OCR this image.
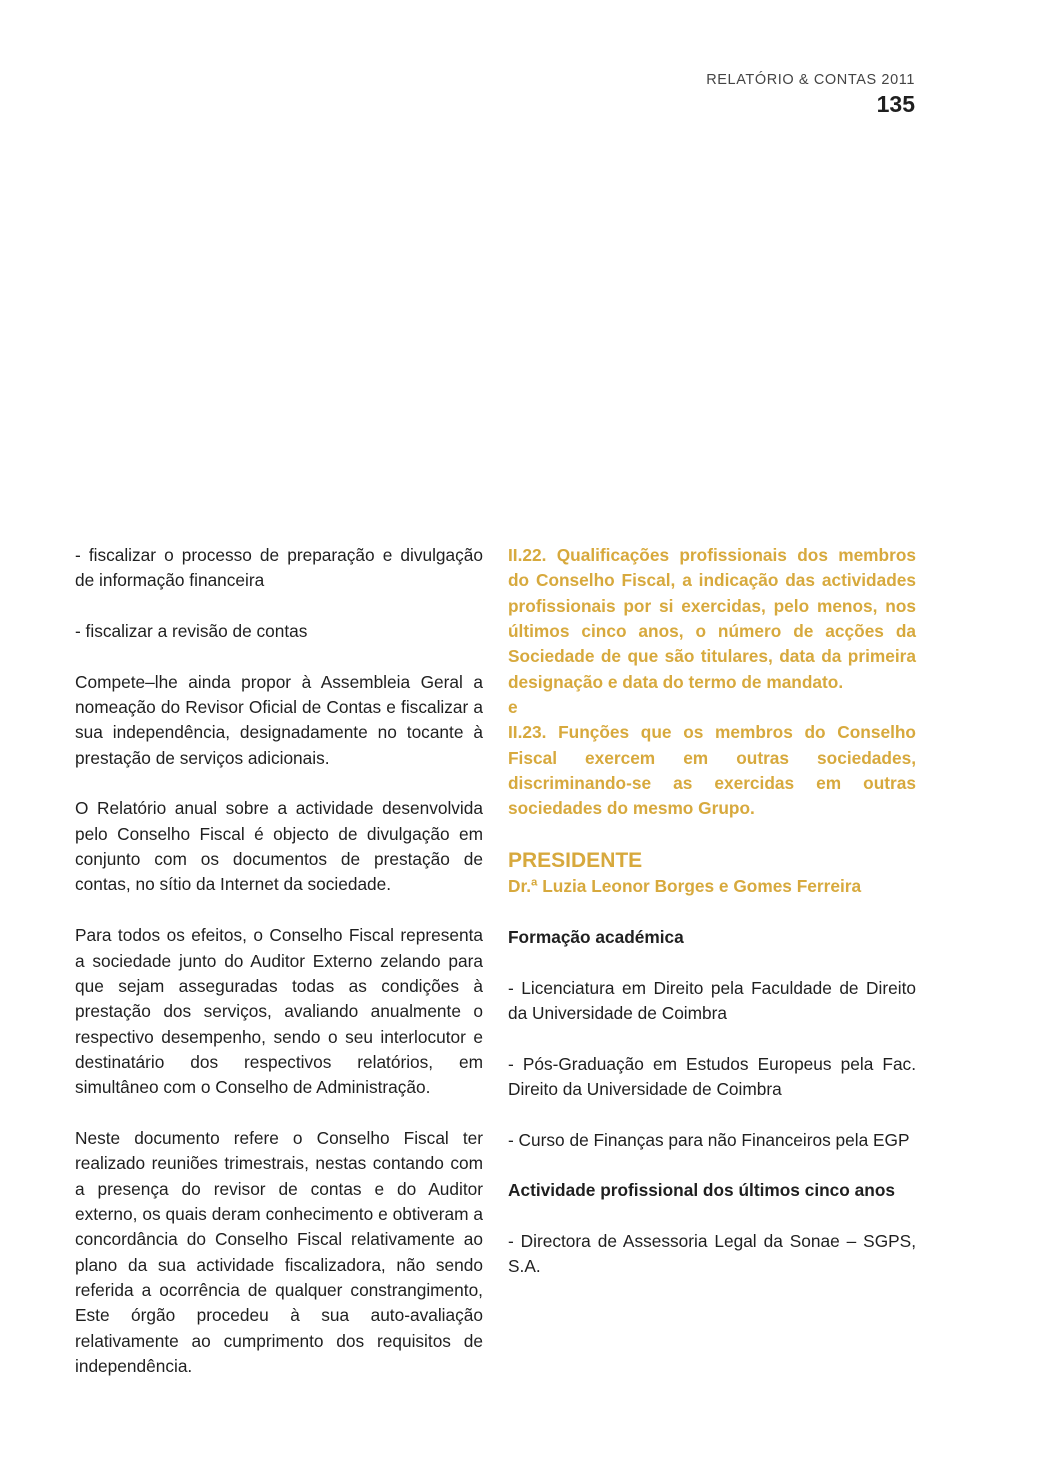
RELATÓRIO & CONTAS 2011
135

- fiscalizar o processo de preparação e divulgação de informação financeira

- fiscalizar a revisão de contas

Compete–lhe ainda propor à Assembleia Geral a nomeação do Revisor Oficial de Contas e fiscalizar a sua independência, designadamente no tocante à prestação de serviços adicionais.

O Relatório anual sobre a actividade desenvolvida pelo Conselho Fiscal é objecto de divulgação em conjunto com os documentos de prestação de contas, no sítio da Internet da sociedade.

Para todos os efeitos, o Conselho Fiscal representa a sociedade junto do Auditor Externo zelando para que sejam asseguradas todas as condições à prestação dos serviços, avaliando anualmente o respectivo desempenho, sendo o seu interlocutor e destinatário dos respectivos relatórios, em simultâneo com o Conselho de Administração.

Neste documento refere o Conselho Fiscal ter realizado reuniões trimestrais, nestas contando com a presença do revisor de contas e do Auditor externo, os quais deram conhecimento e obtiveram a concordância do Conselho Fiscal relativamente ao plano da sua actividade fiscalizadora, não sendo referida a ocorrência de qualquer constrangimento, Este órgão procedeu à sua auto-avaliação relativamente ao cumprimento dos requisitos de independência.

II.22. Qualificações profissionais dos membros do Conselho Fiscal, a indicação das actividades profissionais por si exercidas, pelo menos, nos últimos cinco anos, o número de acções da Sociedade de que são titulares, data da primeira designação e data do termo de mandato.

e

II.23. Funções que os membros do Conselho Fiscal exercem em outras sociedades, discriminando-se as exercidas em outras sociedades do mesmo Grupo.

PRESIDENTE

Dr.ª Luzia Leonor Borges e Gomes Ferreira

Formação académica

- Licenciatura em Direito pela Faculdade de Direito da Universidade de Coimbra

- Pós-Graduação em Estudos Europeus pela Fac. Direito da Universidade de Coimbra

- Curso de Finanças para não Financeiros pela EGP

Actividade profissional dos últimos cinco anos

- Directora de Assessoria Legal da Sonae – SGPS, S.A.
